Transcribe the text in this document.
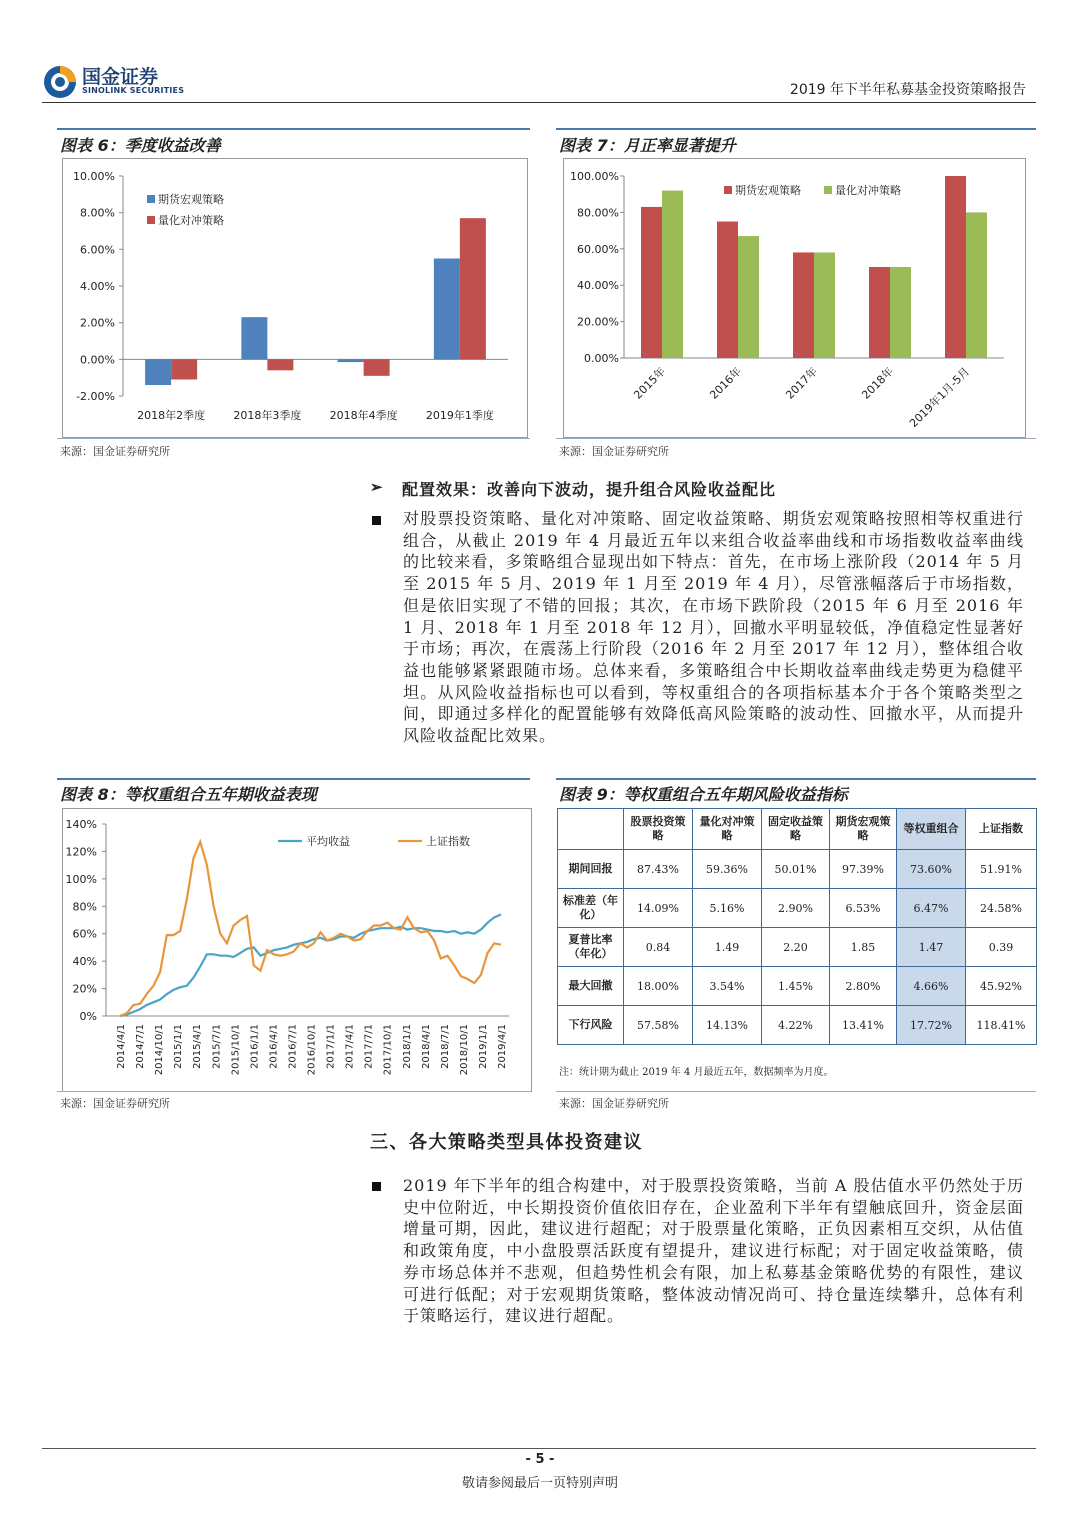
国金证券
SINOLINK SECURITIES	2019 年下半年私募基金投资策略报告
图表 6：季度收益改善
-2.00%
0.00%
2.00%
4.00%
6.00%
8.00%
10.00%
2018年2季度	2018年3季度	2018年4季度	2019年1季度
期货宏观策略
量化对冲策略
来源：国金证券研究所
图表 7：月正率显著提升
0.00%
20.00%
40.00%
60.00%
80.00%
100.00%
2015年	2016年	2017年	2018年 2019年1月-5月
期货宏观策略	量化对冲策略
来源：国金证券研究所
➢ 配置效果：改善向下波动，提升组合风险收益配比
对股票投资策略、量化对冲策略、固定收益策略、期货宏观策略按照相等权重进行组合，从截止 2019 年 4 月最近五年以来组合收益率曲线和市场指数收益率曲线的比较来看，多策略组合显现出如下特点：首先，在市场上涨阶段（2014 年 5 月至 2015 年 5 月、2019 年 1 月至 2019 年 4 月），尽管涨幅落后于市场指数，但是依旧实现了不错的回报；其次，在市场下跌阶段（2015 年 6 月至 2016 年 1 月、2018 年 1 月至 2018 年 12 月），回撤水平明显较低，净值稳定性显著好于市场；再次，在震荡上行阶段（2016 年 2 月至 2017 年 12 月），整体组合收益也能够紧紧跟随市场。总体来看，多策略组合中长期收益率曲线走势更为稳健平坦。从风险收益指标也可以看到，等权重组合的各项指标基本介于各个策略类型之间，即通过多样化的配置能够有效降低高风险策略的波动性、回撤水平，从而提升风险收益配比效果。
图表 8：等权重组合五年期收益表现
0%
20%
40%
60%
80%
100%
120%
140%
2014/4/1 2014/7/1 2014/10/1 2015/1/1 2015/4/1 2015/7/1 2015/10/1 2016/1/1 2016/4/1 2016/7/1 2016/10/1 2017/1/1 2017/4/1 2017/7/1 2017/10/1 2018/1/1 2018/4/1 2018/7/1 2018/10/1 2019/1/1 2019/4/1
平均收益	上证指数
来源：国金证券研究所
图表 9：等权重组合五年期风险收益指标
	股票投资策略	量化对冲策略	固定收益策略	期货宏观策略	等权重组合	上证指数
期间回报	87.43%	59.36%	50.01%	97.39%	73.60%	51.91%
标准差（年化）	14.09%	5.16%	2.90%	6.53%	6.47%	24.58%
夏普比率（年化）	0.84	1.49	2.20	1.85	1.47	0.39
最大回撤	18.00%	3.54%	1.45%	2.80%	4.66%	45.92%
下行风险	57.58%	14.13%	4.22%	13.41%	17.72%	118.41%
注：统计期为截止 2019 年 4 月最近五年，数据频率为月度。
来源：国金证券研究所
三、各大策略类型具体投资建议
2019 年下半年的组合构建中，对于股票投资策略，当前 A 股估值水平仍然处于历史中位附近，中长期投资价值依旧存在，企业盈利下半年有望触底回升，资金层面增量可期，因此，建议进行超配；对于股票量化策略，正负因素相互交织，从估值和政策角度，中小盘股票活跃度有望提升，建议进行标配；对于固定收益策略，债券市场总体并不悲观，但趋势性机会有限，加上私募基金策略优势的有限性，建议可进行低配；对于宏观期货策略，整体波动情况尚可、持仓量连续攀升，总体有利于策略运行，建议进行超配。
- 5 -
敬请参阅最后一页特别声明
